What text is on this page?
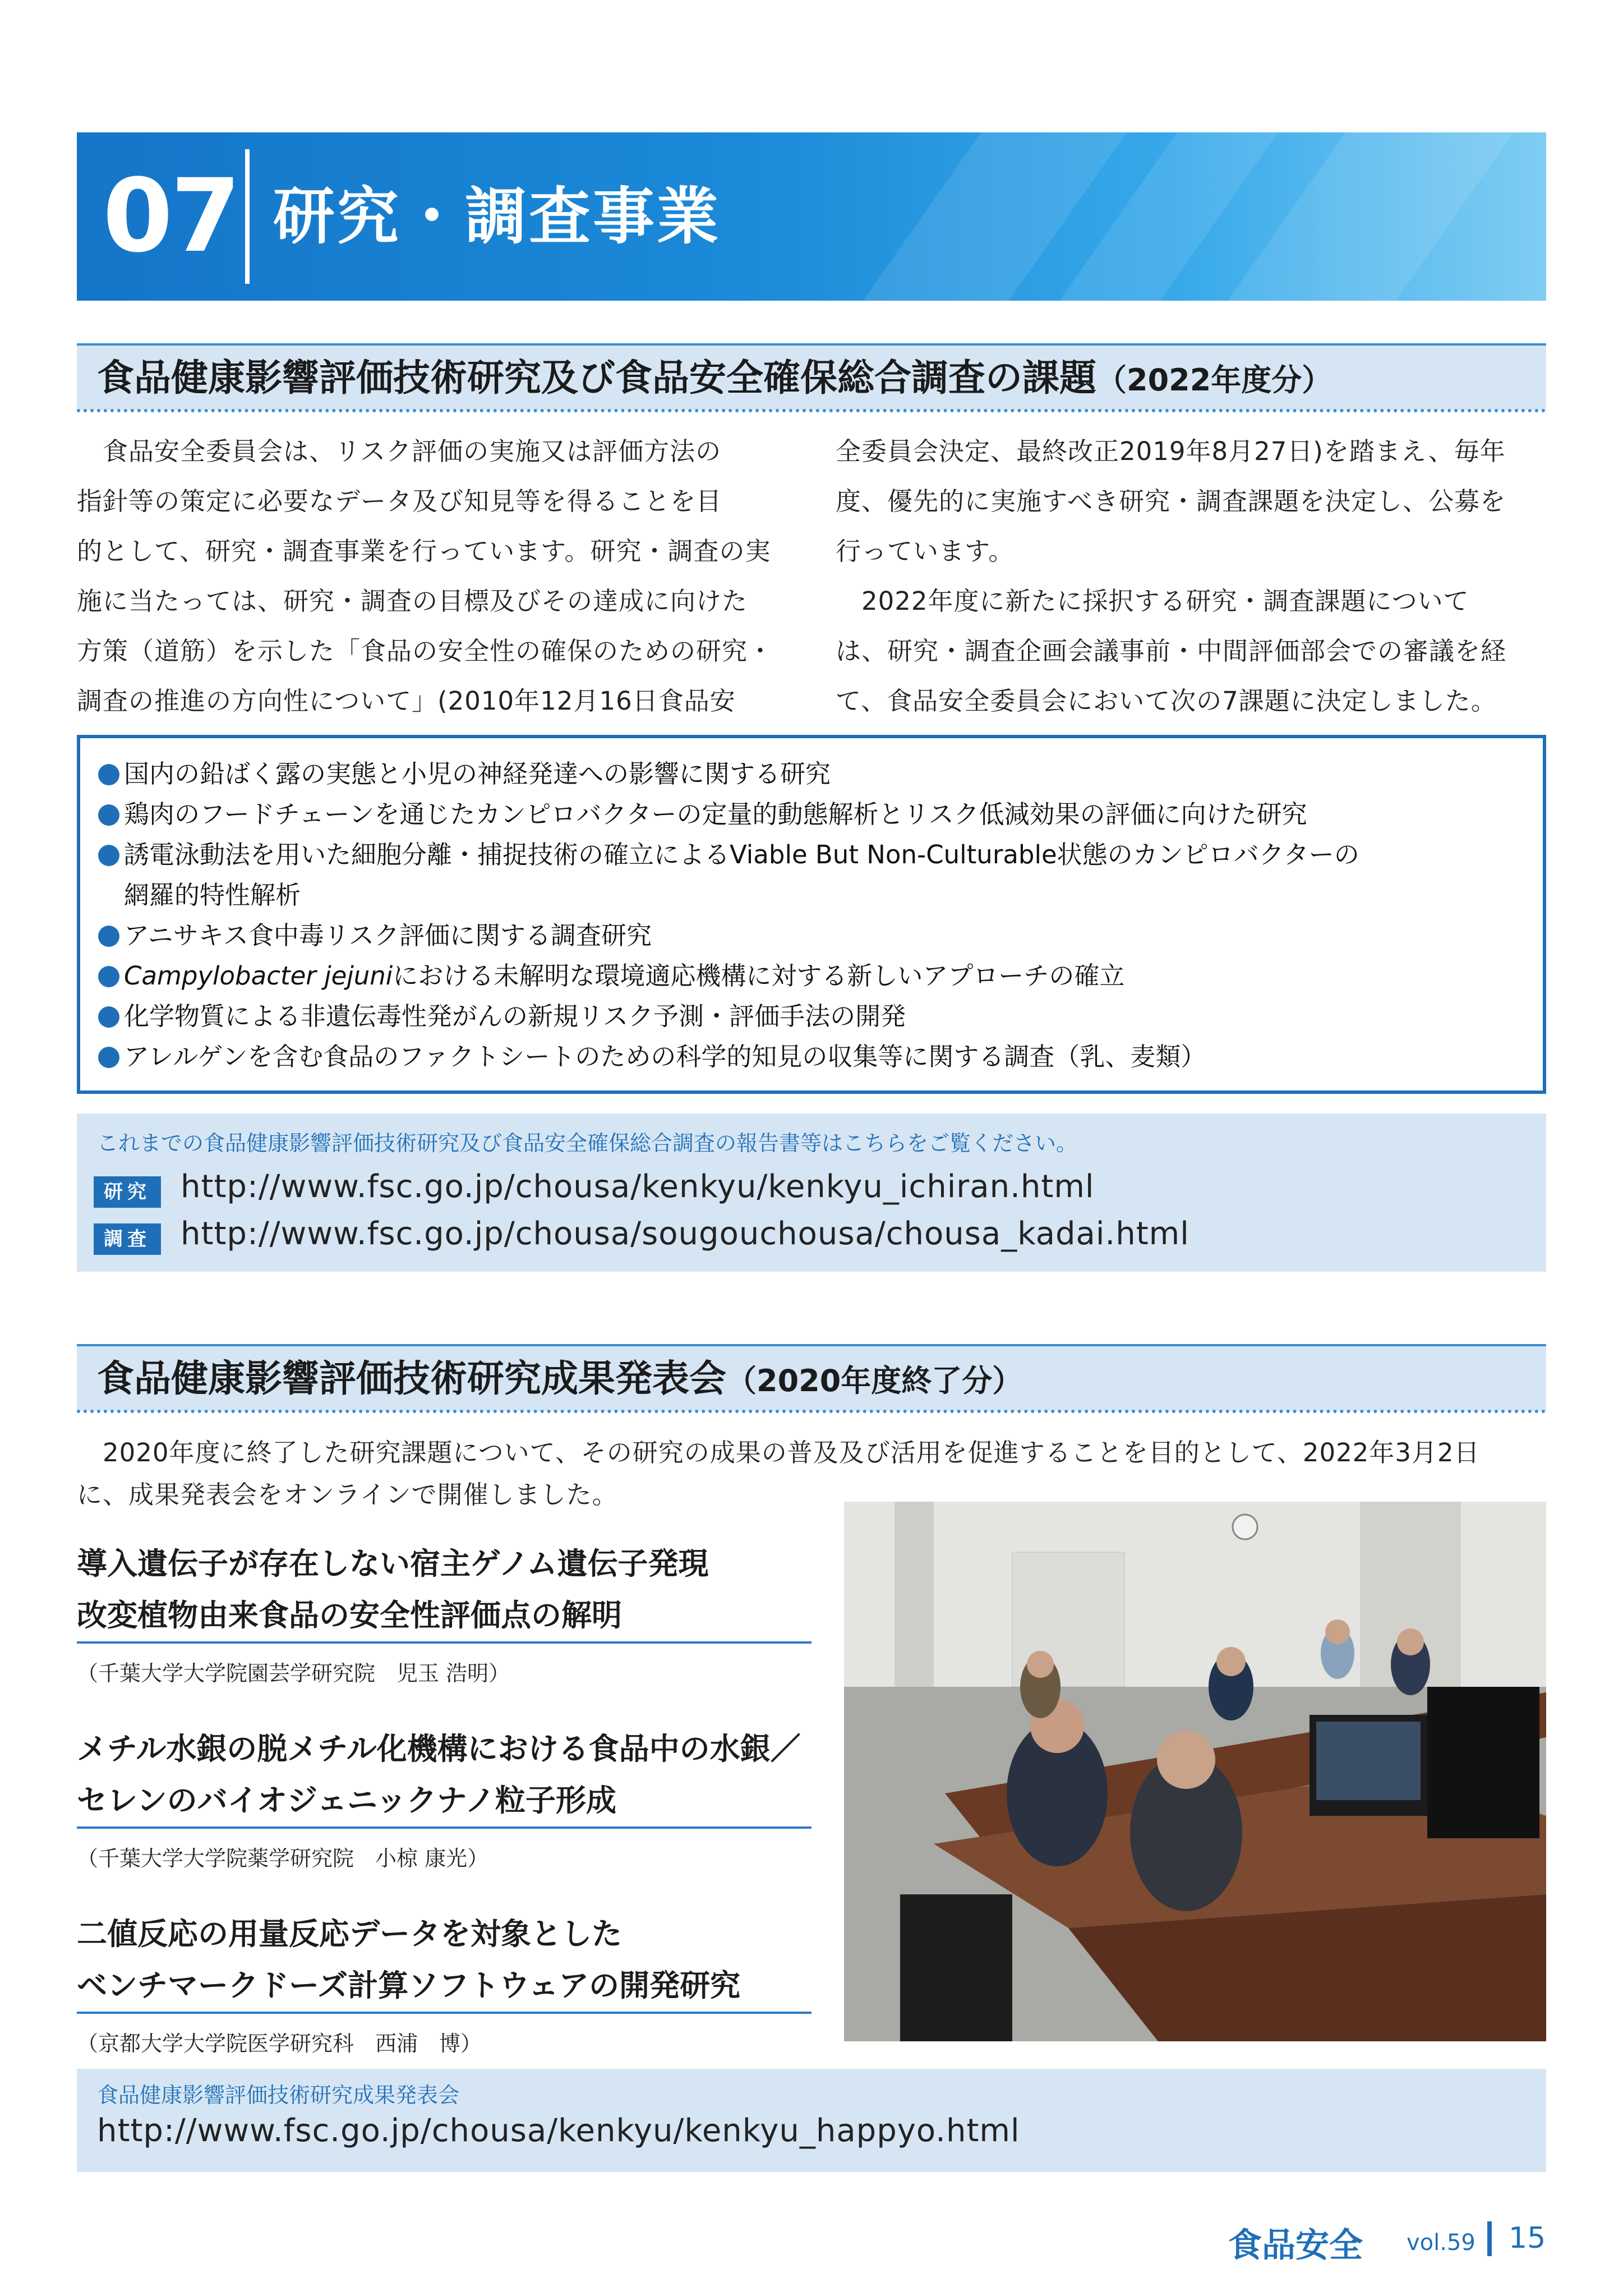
07 研究・調査事業
食品健康影響評価技術研究及び食品安全確保総合調査の課題（2022年度分）
　食品安全委員会は、リスク評価の実施又は評価方法の
指針等の策定に必要なデータ及び知見等を得ることを目
的として、研究・調査事業を行っています。研究・調査の実
施に当たっては、研究・調査の目標及びその達成に向けた
方策（道筋）を示した「食品の安全性の確保のための研究・
調査の推進の方向性について」(2010年12月16日食品安
全委員会決定、最終改正2019年8月27日)を踏まえ、毎年
度、優先的に実施すべき研究・調査課題を決定し、公募を
行っています。
　2022年度に新たに採択する研究・調査課題について
は、研究・調査企画会議事前・中間評価部会での審議を経
て、食品安全委員会において次の7課題に決定しました。
国内の鉛ばく露の実態と小児の神経発達への影響に関する研究
鶏肉のフードチェーンを通じたカンピロバクターの定量的動態解析とリスク低減効果の評価に向けた研究
誘電泳動法を用いた細胞分離・捕捉技術の確立によるViable But Non-Culturable状態のカンピロバクターの
網羅的特性解析
アニサキス食中毒リスク評価に関する調査研究
Campylobacter jejuniにおける未解明な環境適応機構に対する新しいアプローチの確立
化学物質による非遺伝毒性発がんの新規リスク予測・評価手法の開発
アレルゲンを含む食品のファクトシートのための科学的知見の収集等に関する調査（乳、麦類）
これまでの食品健康影響評価技術研究及び食品安全確保総合調査の報告書等はこちらをご覧ください。
研究 http://www.fsc.go.jp/chousa/kenkyu/kenkyu_ichiran.html
調査 http://www.fsc.go.jp/chousa/sougouchousa/chousa_kadai.html
食品健康影響評価技術研究成果発表会（2020年度終了分）
　2020年度に終了した研究課題について、その研究の成果の普及及び活用を促進することを目的として、2022年3月2日
に、成果発表会をオンラインで開催しました。
導入遺伝子が存在しない宿主ゲノム遺伝子発現
改変植物由来食品の安全性評価点の解明
（千葉大学大学院園芸学研究院　児玉 浩明）
メチル水銀の脱メチル化機構における食品中の水銀／
セレンのバイオジェニックナノ粒子形成
（千葉大学大学院薬学研究院　小椋 康光）
二値反応の用量反応データを対象とした
ベンチマークドーズ計算ソフトウェアの開発研究
（京都大学大学院医学研究科　西浦　博）
食品健康影響評価技術研究成果発表会
http://www.fsc.go.jp/chousa/kenkyu/kenkyu_happyo.html
食品安全 vol.59 15
